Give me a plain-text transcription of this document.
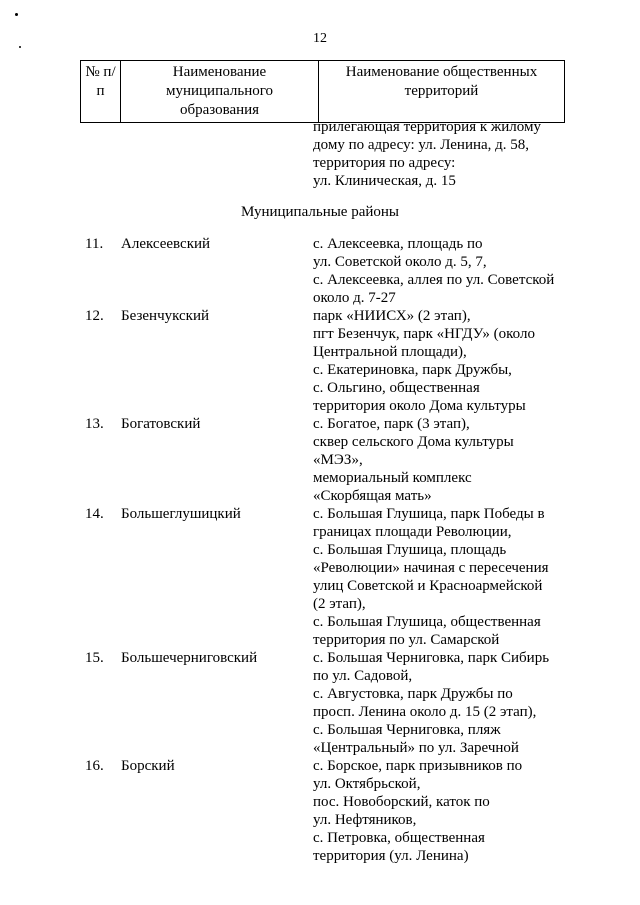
12
№ п/п	Наименование муниципального образования	Наименование общественных территорий
прилегающая территория к жилому
дому по адресу: ул. Ленина, д. 58,
территория по адресу:
ул. Клиническая, д. 15
Муниципальные районы
11.	Алексеевский	с. Алексеевка, площадь по
ул. Советской около д. 5, 7,
с. Алексеевка, аллея по ул. Советской
около д. 7-27
12.	Безенчукский	парк «НИИСХ» (2 этап),
пгт Безенчук, парк «НГДУ» (около
Центральной площади),
с. Екатериновка, парк Дружбы,
с. Ольгино, общественная
территория около Дома культуры
13.	Богатовский	с. Богатое, парк (3 этап),
сквер сельского Дома культуры
«МЭЗ»,
мемориальный комплекс
«Скорбящая мать»
14.	Большеглушицкий	с. Большая Глушица, парк Победы в
границах площади Революции,
с. Большая Глушица, площадь
«Революции» начиная с пересечения
улиц Советской и Красноармейской
(2 этап),
с. Большая Глушица, общественная
территория по ул. Самарской
15.	Большечерниговский	с. Большая Черниговка, парк Сибирь
по ул. Садовой,
с. Августовка, парк Дружбы по
просп. Ленина около д. 15 (2 этап),
с. Большая Черниговка, пляж
«Центральный» по ул. Заречной
16.	Борский	с. Борское, парк призывников по
ул. Октябрьской,
пос. Новоборский, каток по
ул. Нефтяников,
с. Петровка, общественная
территория (ул. Ленина)
